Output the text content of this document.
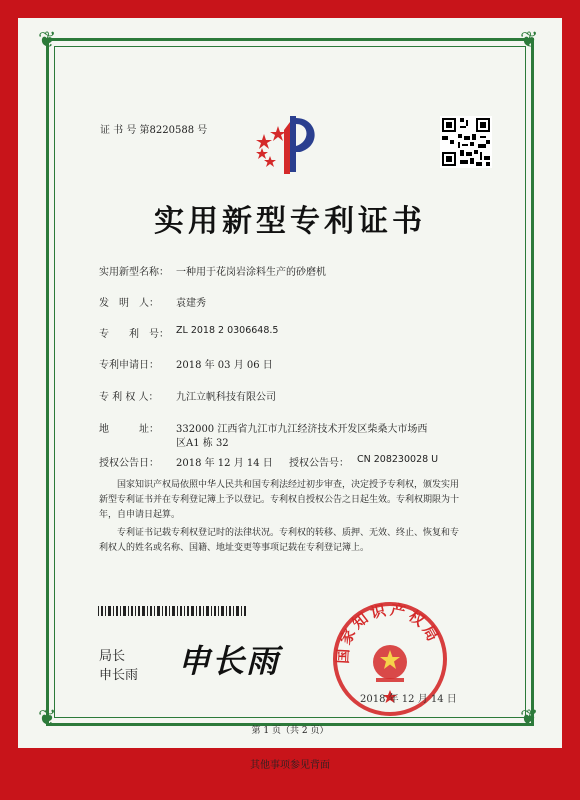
❦	❦
❦	❦
证 书 号 第8220588 号
实用新型专利证书
实用新型名称： 一种用于花岗岩涂料生产的砂磨机
发　明　人： 袁建秀
专　　利　号： ZL 2018 2 0306648.5
专利申请日： 2018 年 03 月 06 日
专 利 权 人： 九江立帆科技有限公司
地　　　址： 332000 江西省九江市九江经济技术开发区柴桑大市场西
区A1 栋 32
授权公告日： 2018 年 12 月 14 日 授权公告号： CN 208230028 U
国家知识产权局依照中华人民共和国专利法经过初步审查，决定授予专利权，颁发实用
新型专利证书并在专利登记簿上予以登记。专利权自授权公告之日起生效。专利权期限为十
年，自申请日起算。
专利证书记载专利权登记时的法律状况。专利权的转移、质押、无效、终止、恢复和专
利权人的姓名或名称、国籍、地址变更等事项记载在专利登记簿上。
局长
申长雨 申长雨	国家知识产权局
2018 年 12 月 14 日
第 1 页（共 2 页）
其他事项参见背面
